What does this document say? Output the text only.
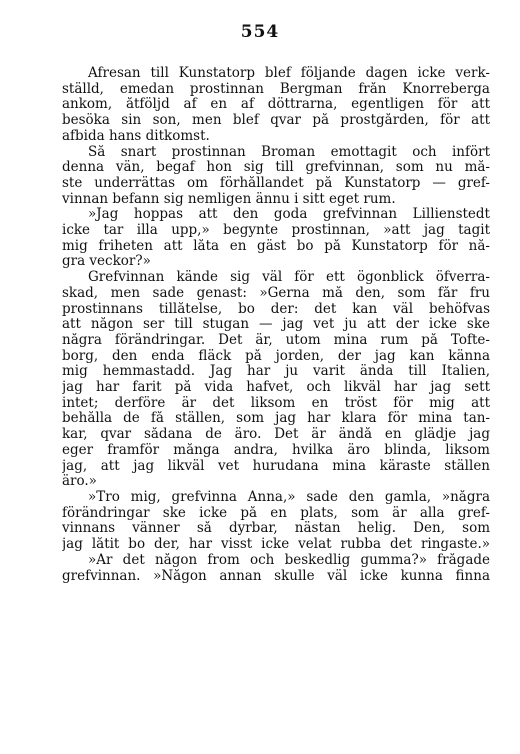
554
Afresan till Kunstatorp blef följande dagen icke verk-
ställd, emedan prostinnan Bergman från Knorreberga
ankom, åtföljd af en af döttrarna, egentligen för att
besöka sin son, men blef qvar på prostgården, för att
afbida hans ditkomst.
Så snart prostinnan Broman emottagit och infört
denna vän, begaf hon sig till grefvinnan, som nu må-
ste underrättas om förhållandet på Kunstatorp — gref-
vinnan befann sig nemligen ännu i sitt eget rum.
»Jag hoppas att den goda grefvinnan Lillienstedt
icke tar illa upp,» begynte prostinnan, »att jag tagit
mig friheten att låta en gäst bo på Kunstatorp för nå-
gra veckor?»
Grefvinnan kände sig väl för ett ögonblick öfverra-
skad, men sade genast: »Gerna må den, som får fru
prostinnans tillåtelse, bo der: det kan väl behöfvas
att någon ser till stugan — jag vet ju att der icke ske
några förändringar. Det är, utom mina rum på Tofte-
borg, den enda fläck på jorden, der jag kan känna
mig hemmastadd. Jag har ju varit ända till Italien,
jag har farit på vida hafvet, och likväl har jag sett
intet; derföre är det liksom en tröst för mig att
behålla de få ställen, som jag har klara för mina tan-
kar, qvar sådana de äro. Det är ändå en glädje jag
eger framför många andra, hvilka äro blinda, liksom
jag, att jag likväl vet hurudana mina käraste ställen
äro.»
»Tro mig, grefvinna Anna,» sade den gamla, »några
förändringar ske icke på en plats, som är alla gref-
vinnans vänner så dyrbar, nästan helig. Den, som
jag låtit bo der, har visst icke velat rubba det ringaste.»
»Är det någon from och beskedlig gumma?» frågade
grefvinnan. »Någon annan skulle väl icke kunna finna
